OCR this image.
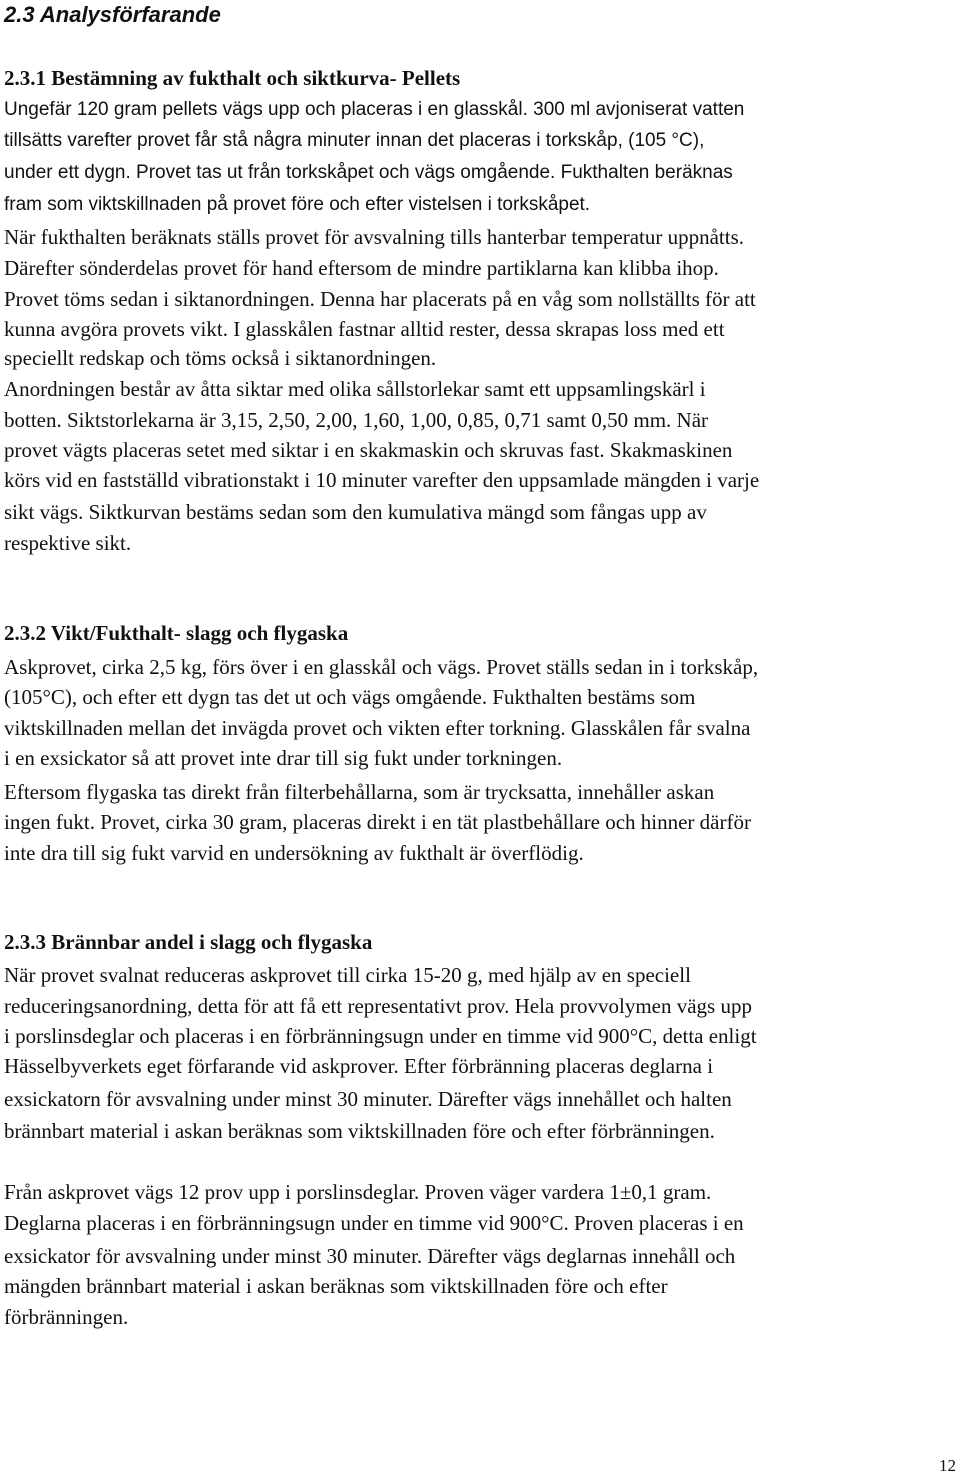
2.3 Analysförfarande
2.3.1 Bestämning av fukthalt och siktkurva- Pellets

Ungefär 120 gram pellets vägs upp och placeras i en glasskål. 300 ml avjoniserat vatten

tillsätts varefter provet får stå några minuter innan det placeras i torkskåp, (105 °C),

under ett dygn. Provet tas ut från torkskåpet och vägs omgående. Fukthalten beräknas

fram som viktskillnaden på provet före och efter vistelsen i torkskåpet.

När fukthalten beräknats ställs provet för avsvalning tills hanterbar temperatur uppnåtts.

Därefter sönderdelas provet för hand eftersom de mindre partiklarna kan klibba ihop.

Provet töms sedan i siktanordningen. Denna har placerats på en våg som nollställts för att

kunna avgöra provets vikt. I glasskålen fastnar alltid rester, dessa skrapas loss med ett

speciellt redskap och töms också i siktanordningen.

Anordningen består av åtta siktar med olika sållstorlekar samt ett uppsamlingskärl i

botten. Siktstorlekarna är 3,15, 2,50, 2,00, 1,60, 1,00, 0,85, 0,71 samt 0,50 mm. När

provet vägts placeras setet med siktar i en skakmaskin och skruvas fast. Skakmaskinen

körs vid en fastställd vibrationstakt i 10 minuter varefter den uppsamlade mängden i varje

sikt vägs. Siktkurvan bestäms sedan som den kumulativa mängd som fångas upp av

respektive sikt.

2.3.2 Vikt/Fukthalt- slagg och flygaska

Askprovet, cirka 2,5 kg, förs över i en glasskål och vägs. Provet ställs sedan in i torkskåp,

(105°C), och efter ett dygn tas det ut och vägs omgående. Fukthalten bestäms som

viktskillnaden mellan det invägda provet och vikten efter torkning. Glasskålen får svalna

i en exsickator så att provet inte drar till sig fukt under torkningen.

Eftersom flygaska tas direkt från filterbehållarna, som är trycksatta, innehåller askan

ingen fukt. Provet, cirka 30 gram, placeras direkt i en tät plastbehållare och hinner därför

inte dra till sig fukt varvid en undersökning av fukthalt är överflödig.

2.3.3 Brännbar andel i slagg och flygaska

När provet svalnat reduceras askprovet till cirka 15-20 g, med hjälp av en speciell

reduceringsanordning, detta för att få ett representativt prov. Hela provvolymen vägs upp

i porslinsdeglar och placeras i en förbränningsugn under en timme vid 900°C, detta enligt

Hässelbyverkets eget förfarande vid askprover. Efter förbränning placeras deglarna i

exsickatorn för avsvalning under minst 30 minuter. Därefter vägs innehållet och halten

brännbart material i askan beräknas som viktskillnaden före och efter förbränningen.

Från askprovet vägs 12 prov upp i porslinsdeglar. Proven väger vardera 1±0,1 gram.

Deglarna placeras i en förbränningsugn under en timme vid 900°C. Proven placeras i en

exsickator för avsvalning under minst 30 minuter. Därefter vägs deglarnas innehåll och

mängden brännbart material i askan beräknas som viktskillnaden före och efter

förbränningen.

12
